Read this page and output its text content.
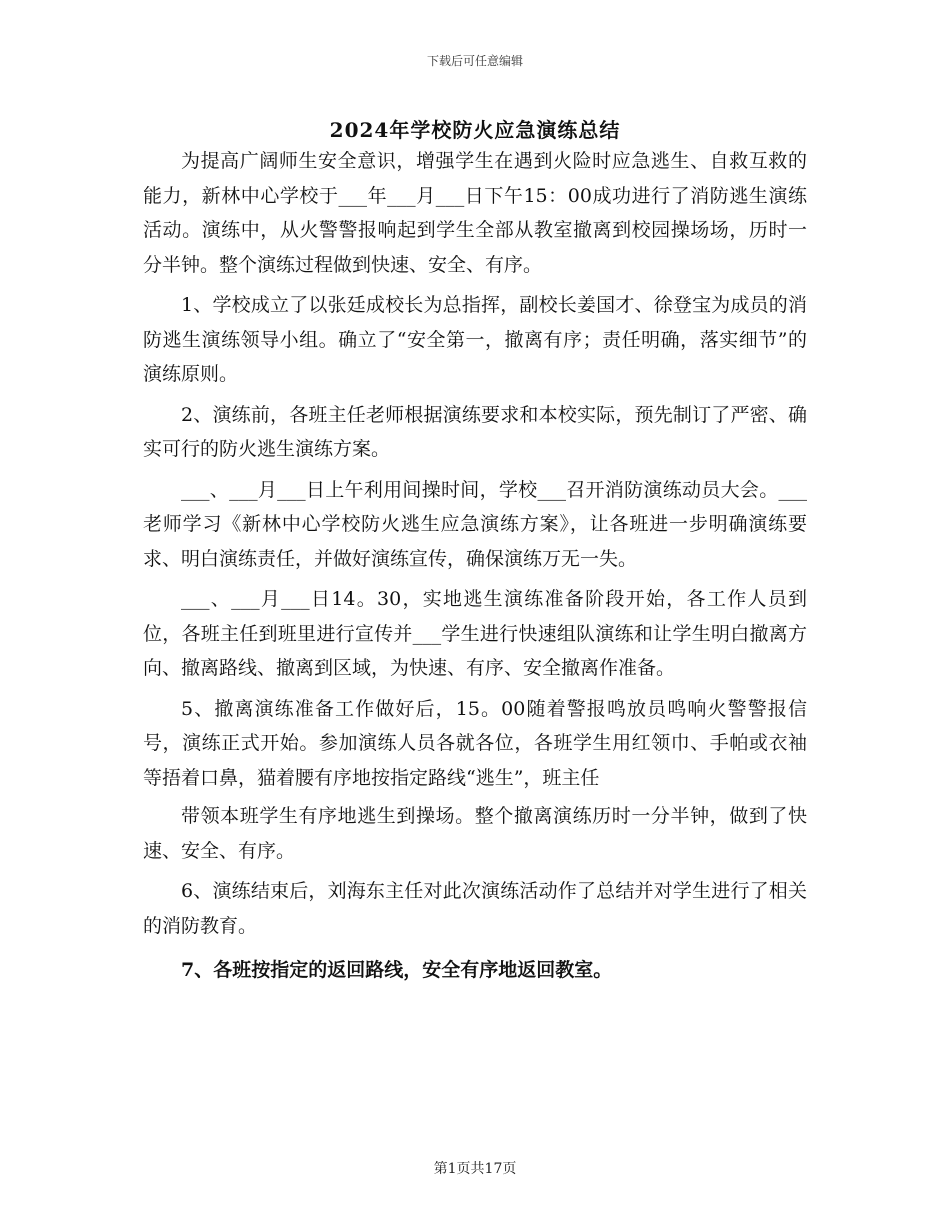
下载后可任意编辑
2024年学校防火应急演练总结

为提高广阔师生安全意识，增强学生在遇到火险时应急逃生、自救互救的能力，新林中心学校于___年___月___日下午15：00成功进行了消防逃生演练活动。演练中，从火警警报响起到学生全部从教室撤离到校园操场场，历时一分半钟。整个演练过程做到快速、安全、有序。

1、学校成立了以张廷成校长为总指挥，副校长姜国才、徐登宝为成员的消防逃生演练领导小组。确立了“安全第一，撤离有序；责任明确，落实细节”的演练原则。

2、演练前，各班主任老师根据演练要求和本校实际，预先制订了严密、确实可行的防火逃生演练方案。

___、___月___日上午利用间操时间，学校___召开消防演练动员大会。___老师学习《新林中心学校防火逃生应急演练方案》，让各班进一步明确演练要求、明白演练责任，并做好演练宣传，确保演练万无一失。

___、___月___日14。30，实地逃生演练准备阶段开始，各工作人员到位，各班主任到班里进行宣传并___学生进行快速组队演练和让学生明白撤离方向、撤离路线、撤离到区域，为快速、有序、安全撤离作准备。

5、撤离演练准备工作做好后，15。00随着警报鸣放员鸣响火警警报信号，演练正式开始。参加演练人员各就各位，各班学生用红领巾、手帕或衣袖等捂着口鼻，猫着腰有序地按指定路线“逃生”，班主任

带领本班学生有序地逃生到操场。整个撤离演练历时一分半钟，做到了快速、安全、有序。

6、演练结束后，刘海东主任对此次演练活动作了总结并对学生进行了相关的消防教育。

7、各班按指定的返回路线，安全有序地返回教室。

第1页共17页
